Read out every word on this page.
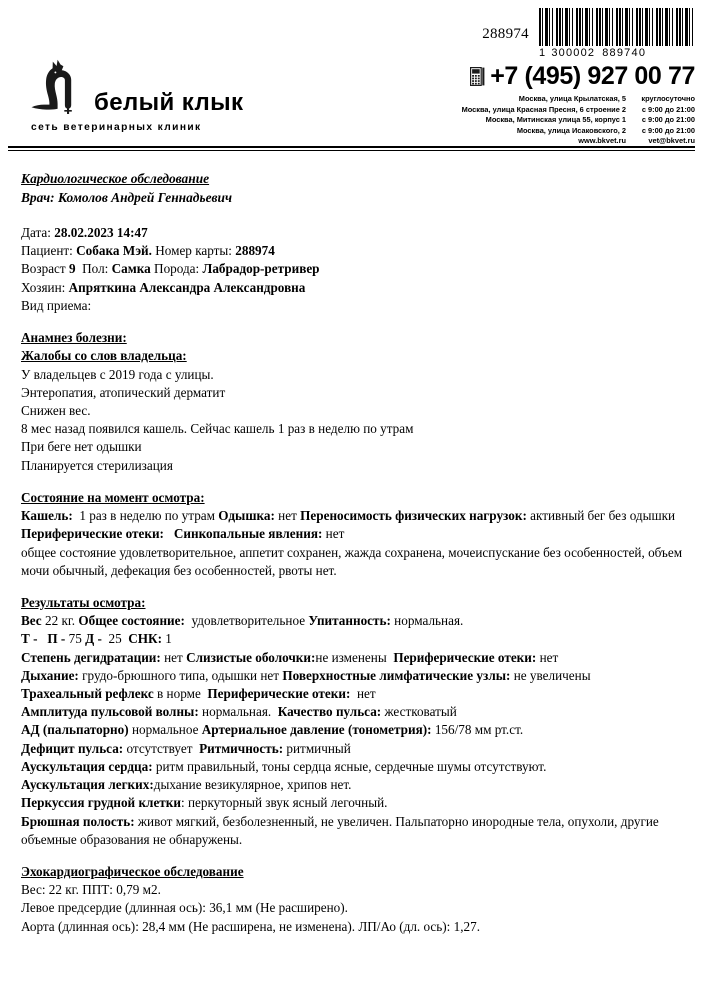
288974
1 300002 889740
+7 (495) 927 00 77
Москва, улица Крылатская, 5	круглосуточно
Москва, улица Красная Пресня, 6 строение 2	с 9:00 до 21:00
Москва, Митинская улица 55, корпус 1	с 9:00 до 21:00
Москва, улица Исаковского, 2	с 9:00 до 21:00
www.bkvet.ru	vet@bkvet.ru
белый клык
сеть ветеринарных клиник
Кардиологическое обследование
Врач: Комолов Андрей Геннадьевич

Дата: 28.02.2023 14:47

Пациент: Собака Мэй. Номер карты: 288974

Возраст 9 Пол: Самка Порода: Лабрадор-ретривер

Хозяин: Апряткина Александра Александровна

Вид приема:

Анамнез болезни:

Жалобы со слов владельца:

У владельцев с 2019 года с улицы.

Энтеропатия, атопический дерматит

Снижен вес.

8 мес назад появился кашель. Сейчас кашель 1 раз в неделю по утрам

При беге нет одышки

Планируется стерилизация

Состояние на момент осмотра:

Кашель: 1 раз в неделю по утрам Одышка: нет Переносимость физических нагрузок: активный бег без одышки

Периферические отеки: Синкопальные явления: нет

общее состояние удовлетворительное, аппетит сохранен, жажда сохранена, мочеиспускание без особенностей, объем мочи обычный, дефекация без особенностей, рвоты нет.

Результаты осмотра:

Вес 22 кг. Общее состояние: удовлетворительное Упитанность: нормальная.

Т - П - 75 Д - 25 СНК: 1

Степень дегидратации: нет Слизистые оболочки:не изменены Периферические отеки: нет

Дыхание: грудо-брюшного типа, одышки нет Поверхностные лимфатические узлы: не увеличены

Трахеальный рефлекс в норме Периферические отеки: нет

Амплитуда пульсовой волны: нормальная. Качество пульса: жестковатый

АД (пальпаторно) нормальное Артериальное давление (тонометрия): 156/78 мм рт.ст.

Дефицит пульса: отсутствует Ритмичность: ритмичный

Аускультация сердца: ритм правильный, тоны сердца ясные, сердечные шумы отсутствуют.

Аускультация легких:дыхание везикулярное, хрипов нет.

Перкуссия грудной клетки: перкуторный звук ясный легочный.

Брюшная полость: живот мягкий, безболезненный, не увеличен. Пальпаторно инородные тела, опухоли, другие объемные образования не обнаружены.

Эхокардиографическое обследование

Вес: 22 кг. ППТ: 0,79 м2.

Левое предсердие (длинная ось): 36,1 мм (Не расширено).

Аорта (длинная ось): 28,4 мм (Не расширена, не изменена). ЛП/Ао (дл. ось): 1,27.
